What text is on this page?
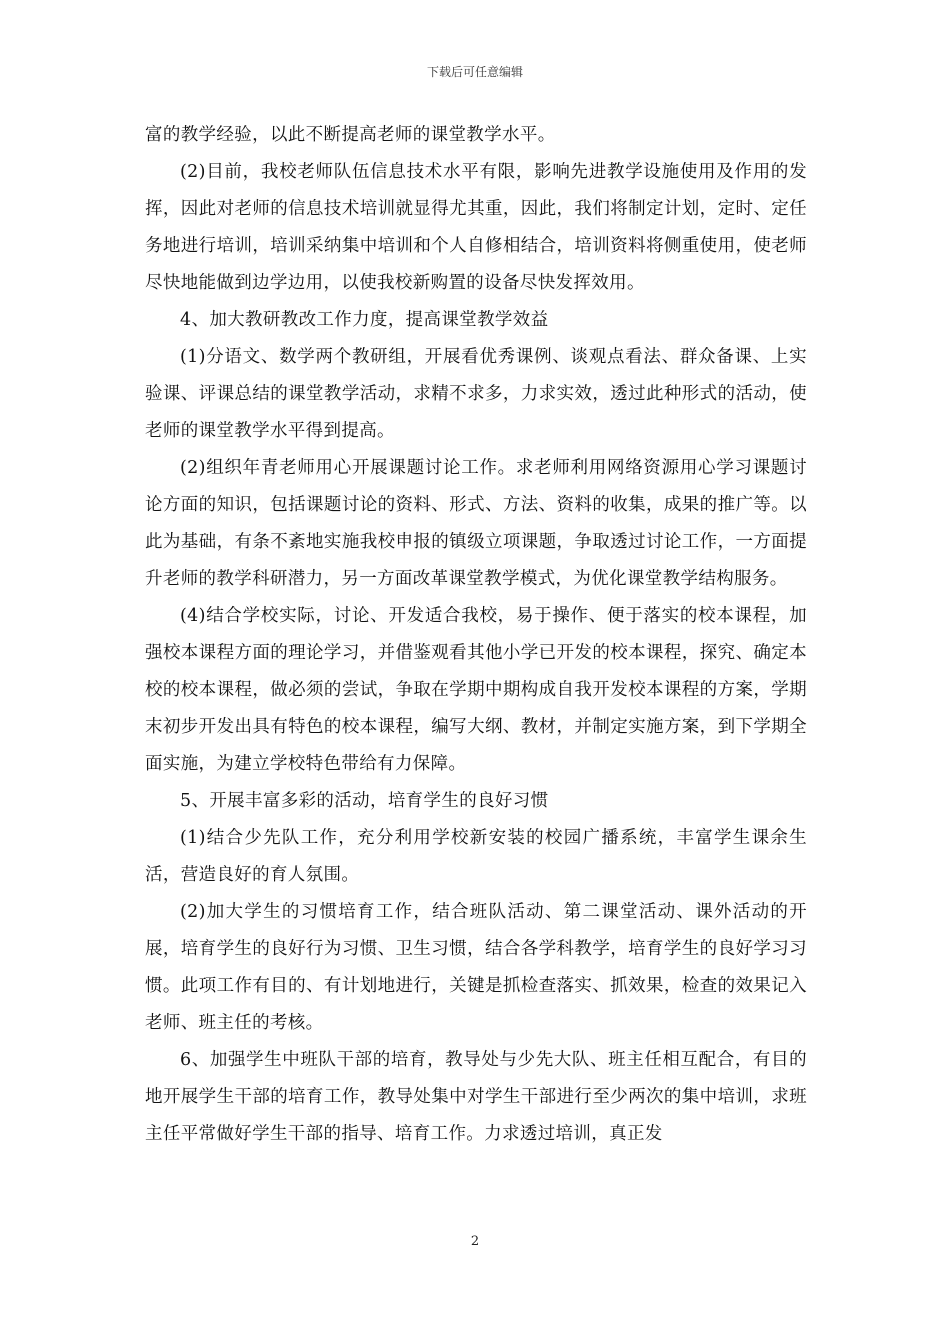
下载后可任意编辑

富的教学经验，以此不断提高老师的课堂教学水平。

(2)目前，我校老师队伍信息技术水平有限，影响先进教学设施使用及作用的发挥，因此对老师的信息技术培训就显得尤其重，因此，我们将制定计划，定时、定任务地进行培训，培训采纳集中培训和个人自修相结合，培训资料将侧重使用，使老师尽快地能做到边学边用，以使我校新购置的设备尽快发挥效用。

4、加大教研教改工作力度，提高课堂教学效益

(1)分语文、数学两个教研组，开展看优秀课例、谈观点看法、群众备课、上实验课、评课总结的课堂教学活动，求精不求多，力求实效，透过此种形式的活动，使老师的课堂教学水平得到提高。

(2)组织年青老师用心开展课题讨论工作。求老师利用网络资源用心学习课题讨论方面的知识，包括课题讨论的资料、形式、方法、资料的收集，成果的推广等。以此为基础，有条不紊地实施我校申报的镇级立项课题，争取透过讨论工作，一方面提升老师的教学科研潜力，另一方面改革课堂教学模式，为优化课堂教学结构服务。

(4)结合学校实际，讨论、开发适合我校，易于操作、便于落实的校本课程，加强校本课程方面的理论学习，并借鉴观看其他小学已开发的校本课程，探究、确定本校的校本课程，做必须的尝试，争取在学期中期构成自我开发校本课程的方案，学期末初步开发出具有特色的校本课程，编写大纲、教材，并制定实施方案，到下学期全面实施，为建立学校特色带给有力保障。

5、开展丰富多彩的活动，培育学生的良好习惯

(1)结合少先队工作，充分利用学校新安装的校园广播系统，丰富学生课余生活，营造良好的育人氛围。

(2)加大学生的习惯培育工作，结合班队活动、第二课堂活动、课外活动的开展，培育学生的良好行为习惯、卫生习惯，结合各学科教学，培育学生的良好学习习惯。此项工作有目的、有计划地进行，关键是抓检查落实、抓效果，检查的效果记入老师、班主任的考核。

6、加强学生中班队干部的培育，教导处与少先大队、班主任相互配合，有目的地开展学生干部的培育工作，教导处集中对学生干部进行至少两次的集中培训，求班主任平常做好学生干部的指导、培育工作。力求透过培训，真正发

2
